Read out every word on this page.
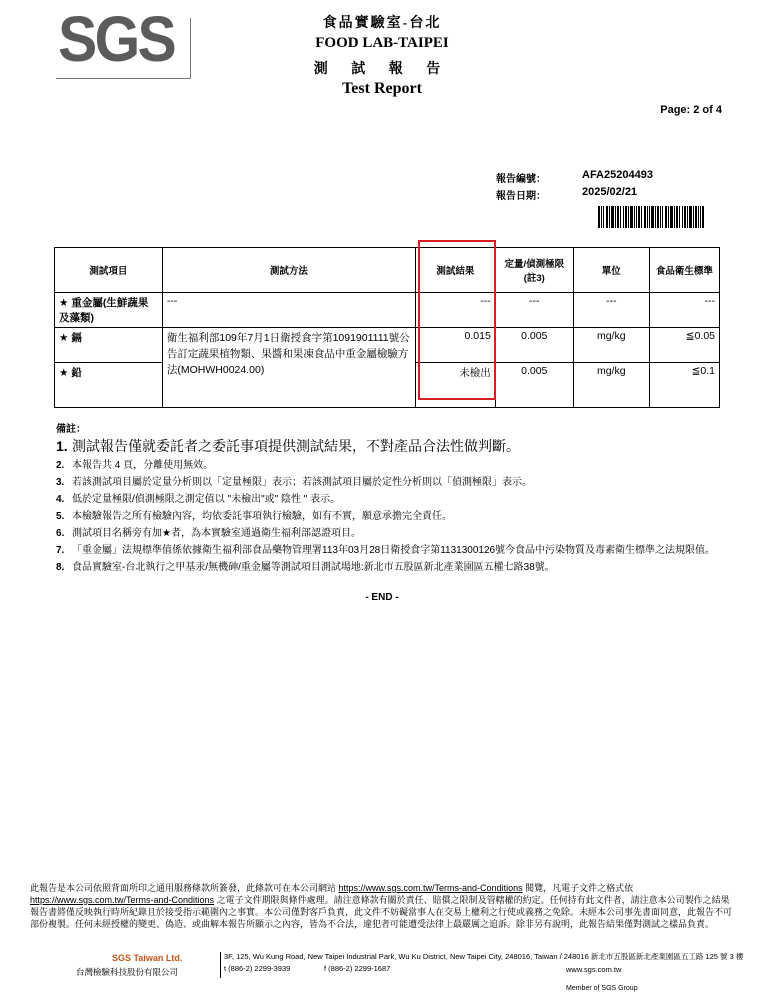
SGS	食品實驗室-台北
FOOD LAB-TAIPEI
測 試 報 告
Test Report
Page: 2 of 4
報告編號：	AFA25204493
報告日期：	2025/02/21
測試項目	測試方法	測試結果	定量/偵測極限(註3)	單位	食品衛生標準
★ 重金屬(生鮮蔬果及藻類)	---	---	---	---	---
★ 鎘	衛生福利部109年7月1日衛授食字第1091901111號公告訂定蔬果植物類、果醬和果凍食品中重金屬檢驗方法(MOHWH0024.00)	0.015	0.005	mg/kg	≦0.05
★ 鉛		未檢出	0.005	mg/kg	≦0.1
備註：
1. 測試報告僅就委託者之委託事項提供測試結果，不對產品合法性做判斷。
2. 本報告共 4 頁，分離使用無效。
3. 若該測試項目屬於定量分析則以「定量極限」表示；若該測試項目屬於定性分析則以「偵測極限」表示。
4. 低於定量極限/偵測極限之測定值以 "未檢出"或" 陰性 " 表示。
5. 本檢驗報告之所有檢驗內容，均依委託事項執行檢驗，如有不實，願意承擔完全責任。
6. 測試項目名稱旁有加★者，為本實驗室通過衛生福利部認證項目。
7. 「重金屬」法規標準值係依據衛生福利部食品藥物管理署113年03月28日衛授食字第1131300126號今食品中污染物質及毒素衛生標準之法規限值。
8. 食品實驗室-台北執行之甲基汞/無機砷/重金屬等測試項目測試場地:新北市五股區新北產業園區五權七路38號。
- END -
此報告是本公司依照背面所印之通用服務條款所簽發，此條款可在本公司網站 https://www.sgs.com.tw/Terms-and-Conditions 閱覽，凡電子文件之格式依
https://www.sgs.com.tw/Terms-and-Conditions 之電子文件期限與條件處理。請注意條款有關於責任、賠償之限制及管轄權的約定。任何持有此文件者，請注意本公司製作之結果報告書將僅反映執行時所紀錄且於接受指示範圍內之事實。本公司僅對客戶負責，此文件不妨礙當事人在交易上權利之行使或義務之免除。未經本公司事先書面同意，此報告不可部份複製。任何未經授權的變更、偽造、或曲解本報告所顯示之內容，皆為不合法，違犯者可能遭受法律上最嚴厲之追訴。除非另有說明，此報告結果僅對測試之樣品負責。
SGS Taiwan Ltd.
台灣檢驗科技股份有限公司
3F, 125, Wu Kung Road, New Taipei Industrial Park, Wu Ku District, New Taipei City, 248016, Taiwan / 248016 新北市五股區新北產業園區五工路 125 號 3 樓
t (886-2) 2299-3939	f (886-2) 2299-1687	www.sgs.com.tw
Member of SGS Group
